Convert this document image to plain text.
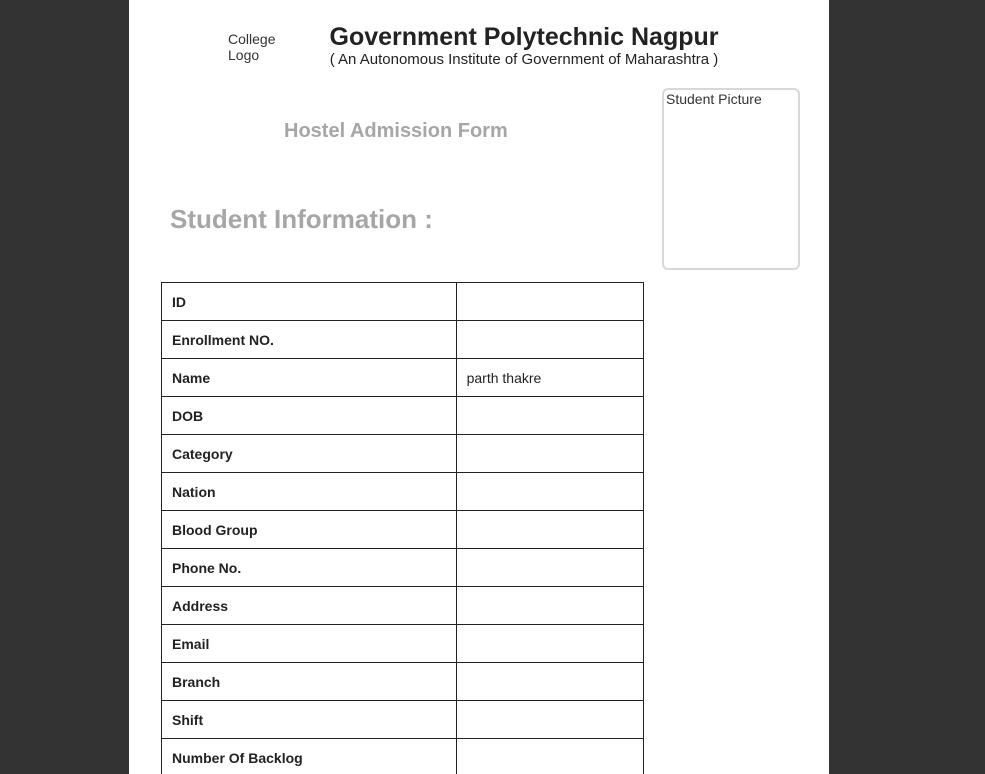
College Logo
Government Polytechnic Nagpur
( An Autonomous Institute of Government of Maharashtra )
Student Picture
Hostel Admission Form
Student Information :
ID	
Enrollment NO.	
Name	parth thakre
DOB	
Category	
Nation	
Blood Group	
Phone No.	
Address	
Email	
Branch	
Shift	
Number Of Backlog	
